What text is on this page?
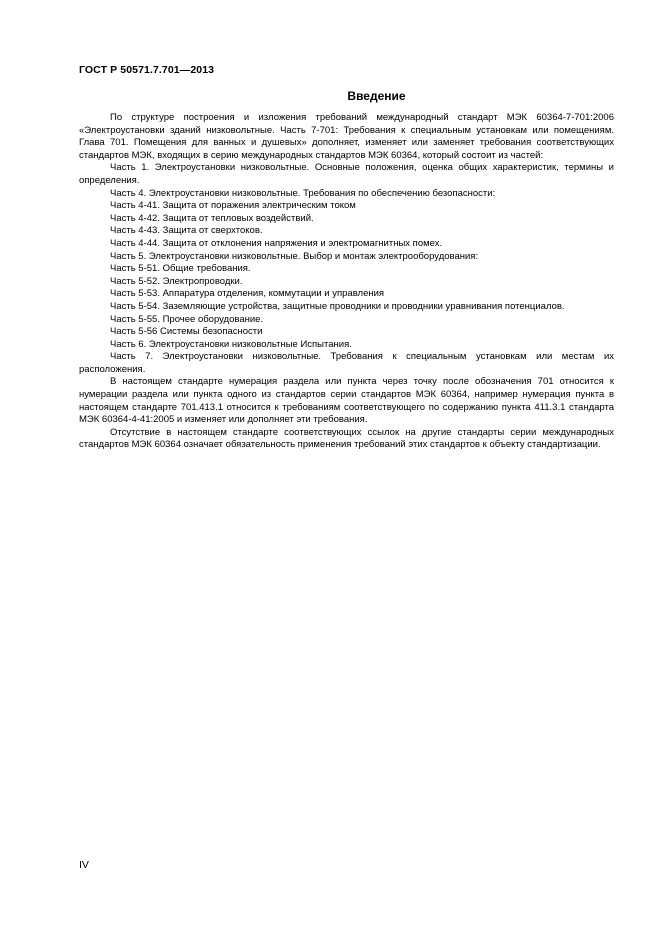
ГОСТ Р 50571.7.701—2013
Введение

По структуре построения и изложения требований международный стандарт МЭК 60364-7-701:2006 «Электроустановки зданий низковольтные. Часть 7-701: Требования к специальным установкам или помещениям. Глава 701. Помещения для ванных и душевых» дополняет, изменяет или заменяет требования соответствующих стандартов МЭК, входящих в серию международных стандартов МЭК 60364, который состоит из частей:

Часть 1. Электроустановки низковольтные. Основные положения, оценка общих характеристик, термины и определения.

Часть 4. Электроустановки низковольтные. Требования по обеспечению безопасности:

Часть 4-41. Защита от поражения электрическим током

Часть 4-42. Защита от тепловых воздействий.

Часть 4-43. Защита от сверхтоков.

Часть 4-44. Защита от отклонения напряжения и электромагнитных помех.

Часть 5. Электроустановки низковольтные. Выбор и монтаж электрооборудования:

Часть 5-51. Общие требования.

Часть 5-52. Электропроводки.

Часть 5-53. Аппаратура отделения, коммутации и управления

Часть 5-54. Заземляющие устройства, защитные проводники и проводники уравнивания потенциалов.

Часть 5-55. Прочее оборудование.

Часть 5-56 Системы безопасности

Часть 6. Электроустановки низковольтные Испытания.

Часть 7. Электроустановки низковольтные. Требования к специальным установкам или местам их расположения.

В настоящем стандарте нумерация раздела или пункта через точку после обозначения 701 относится к нумерации раздела или пункта одного из стандартов серии стандартов МЭК 60364, например нумерация пункта в настоящем стандарте 701.413.1 относится к требованиям соответствующего по содержанию пункта 411.3.1 стандарта МЭК 60364-4-41:2005 и изменяет или дополняет эти требования.

Отсутствие в настоящем стандарте соответствующих ссылок на другие стандарты серии международных стандартов МЭК 60364 означает обязательность применения требований этих стандартов к объекту стандартизации.

IV
